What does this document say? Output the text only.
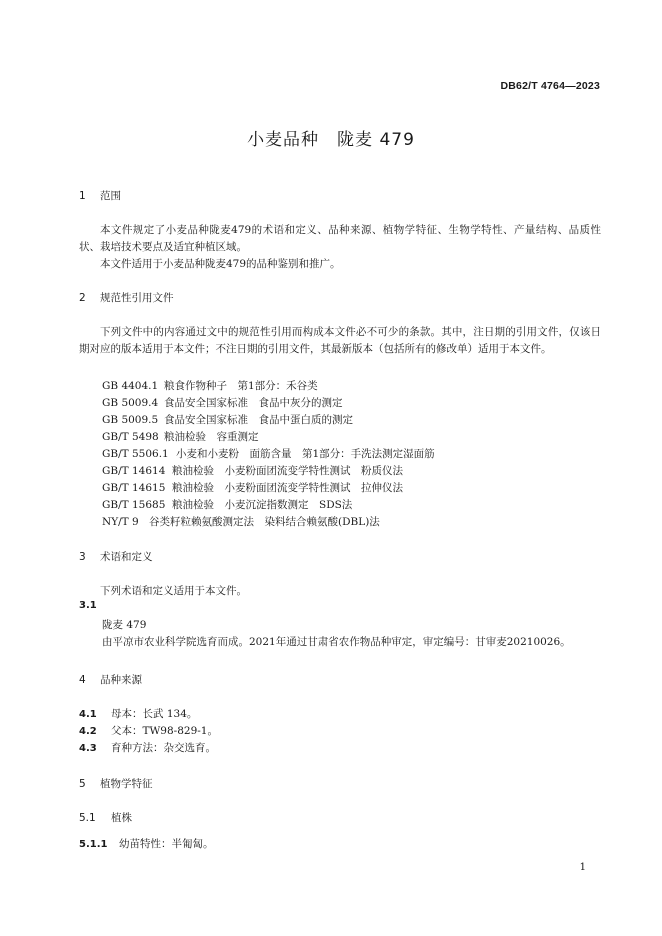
DB62/T 4764—2023
小麦品种　陇麦 479
1 范围
本文件规定了小麦品种陇麦479的术语和定义、品种来源、植物学特征、生物学特性、产量结构、品质性状、栽培技术要点及适宜种植区域。
本文件适用于小麦品种陇麦479的品种鉴别和推广。
2 规范性引用文件
下列文件中的内容通过文中的规范性引用而构成本文件必不可少的条款。其中，注日期的引用文件，仅该日期对应的版本适用于本文件；不注日期的引用文件，其最新版本（包括所有的修改单）适用于本文件。
GB 4404.1 粮食作物种子　第1部分：禾谷类
GB 5009.4 食品安全国家标准　食品中灰分的测定
GB 5009.5 食品安全国家标准　食品中蛋白质的测定
GB/T 5498 粮油检验　容重测定
GB/T 5506.1 小麦和小麦粉　面筋含量　第1部分：手洗法测定湿面筋
GB/T 14614 粮油检验　小麦粉面团流变学特性测试　粉质仪法
GB/T 14615 粮油检验　小麦粉面团流变学特性测试　拉伸仪法
GB/T 15685 粮油检验　小麦沉淀指数测定　SDS法
NY/T 9 谷类籽粒赖氨酸测定法　染料结合赖氨酸(DBL)法
3 术语和定义
下列术语和定义适用于本文件。
3.1
陇麦 479
由平凉市农业科学院选育而成。2021年通过甘肃省农作物品种审定，审定编号：甘审麦20210026。
4 品种来源
4.1 母本：长武 134。
4.2 父本：TW98-829-1。
4.3 育种方法：杂交选育。
5 植物学特征
5.1 植株
5.1.1 幼苗特性：半匍匐。
1
